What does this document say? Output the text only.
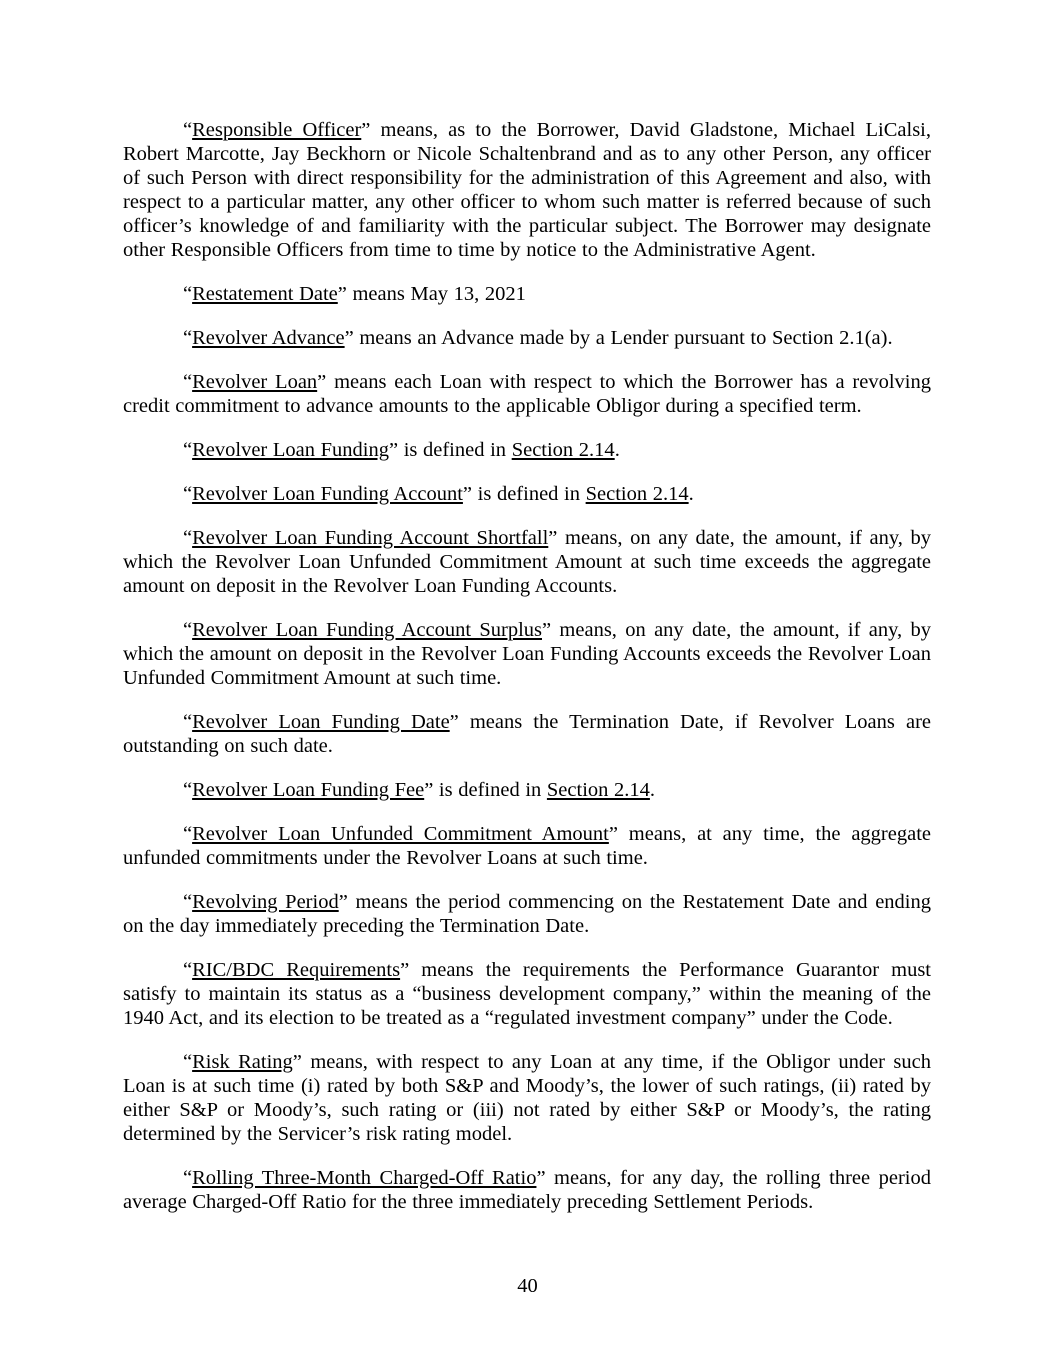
“Responsible Officer” means, as to the Borrower, David Gladstone, Michael LiCalsi, Robert Marcotte, Jay Beckhorn or Nicole Schaltenbrand and as to any other Person, any officer of such Person with direct responsibility for the administration of this Agreement and also, with respect to a particular matter, any other officer to whom such matter is referred because of such officer’s knowledge of and familiarity with the particular subject. The Borrower may designate other Responsible Officers from time to time by notice to the Administrative Agent.

“Restatement Date” means May 13, 2021

“Revolver Advance” means an Advance made by a Lender pursuant to Section 2.1(a).

“Revolver Loan” means each Loan with respect to which the Borrower has a revolving credit commitment to advance amounts to the applicable Obligor during a specified term.

“Revolver Loan Funding” is defined in Section 2.14.

“Revolver Loan Funding Account” is defined in Section 2.14.

“Revolver Loan Funding Account Shortfall” means, on any date, the amount, if any, by which the Revolver Loan Unfunded Commitment Amount at such time exceeds the aggregate amount on deposit in the Revolver Loan Funding Accounts.

“Revolver Loan Funding Account Surplus” means, on any date, the amount, if any, by which the amount on deposit in the Revolver Loan Funding Accounts exceeds the Revolver Loan Unfunded Commitment Amount at such time.

“Revolver Loan Funding Date” means the Termination Date, if Revolver Loans are outstanding on such date.

“Revolver Loan Funding Fee” is defined in Section 2.14.

“Revolver Loan Unfunded Commitment Amount” means, at any time, the aggregate unfunded commitments under the Revolver Loans at such time.

“Revolving Period” means the period commencing on the Restatement Date and ending on the day immediately preceding the Termination Date.

“RIC/BDC Requirements” means the requirements the Performance Guarantor must satisfy to maintain its status as a “business development company,” within the meaning of the 1940 Act, and its election to be treated as a “regulated investment company” under the Code.

“Risk Rating” means, with respect to any Loan at any time, if the Obligor under such Loan is at such time (i) rated by both S&P and Moody’s, the lower of such ratings, (ii) rated by either S&P or Moody’s, such rating or (iii) not rated by either S&P or Moody’s, the rating determined by the Servicer’s risk rating model.

“Rolling Three-Month Charged-Off Ratio” means, for any day, the rolling three period average Charged-Off Ratio for the three immediately preceding Settlement Periods.

40
